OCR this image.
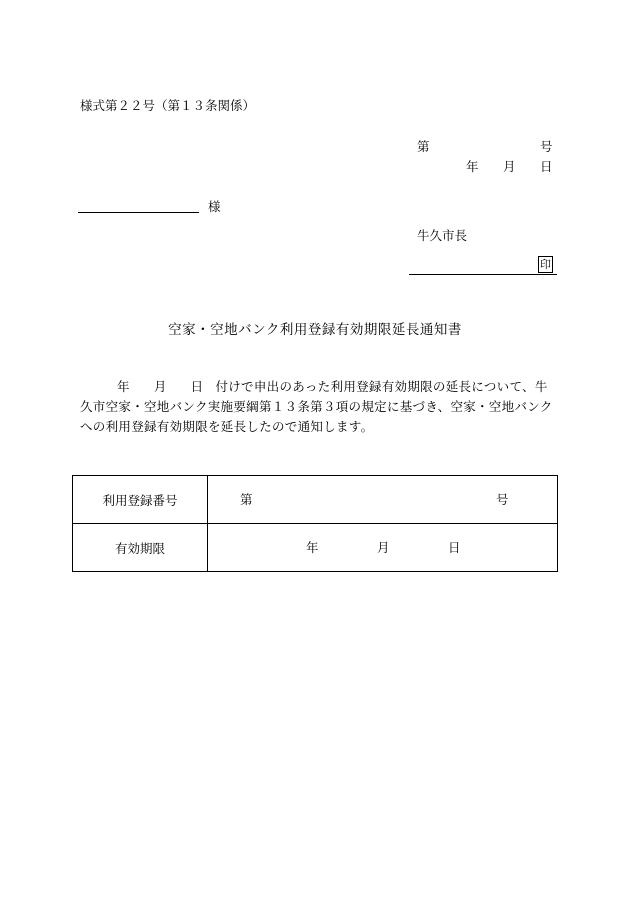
様式第２２号（第１３条関係）
第	号
年 月 日
様
牛久市長
印
空家・空地バンク利用登録有効期限延長通知書
年 月 日 付けで申出のあった利用登録有効期限の延長について、牛久市空家・空地バンク実施要綱第１３条第３項の規定に基づき、空家・空地バンクへの利用登録有効期限を延長したので通知します。
利用登録番号	第 号

有効期限	年 月 日
